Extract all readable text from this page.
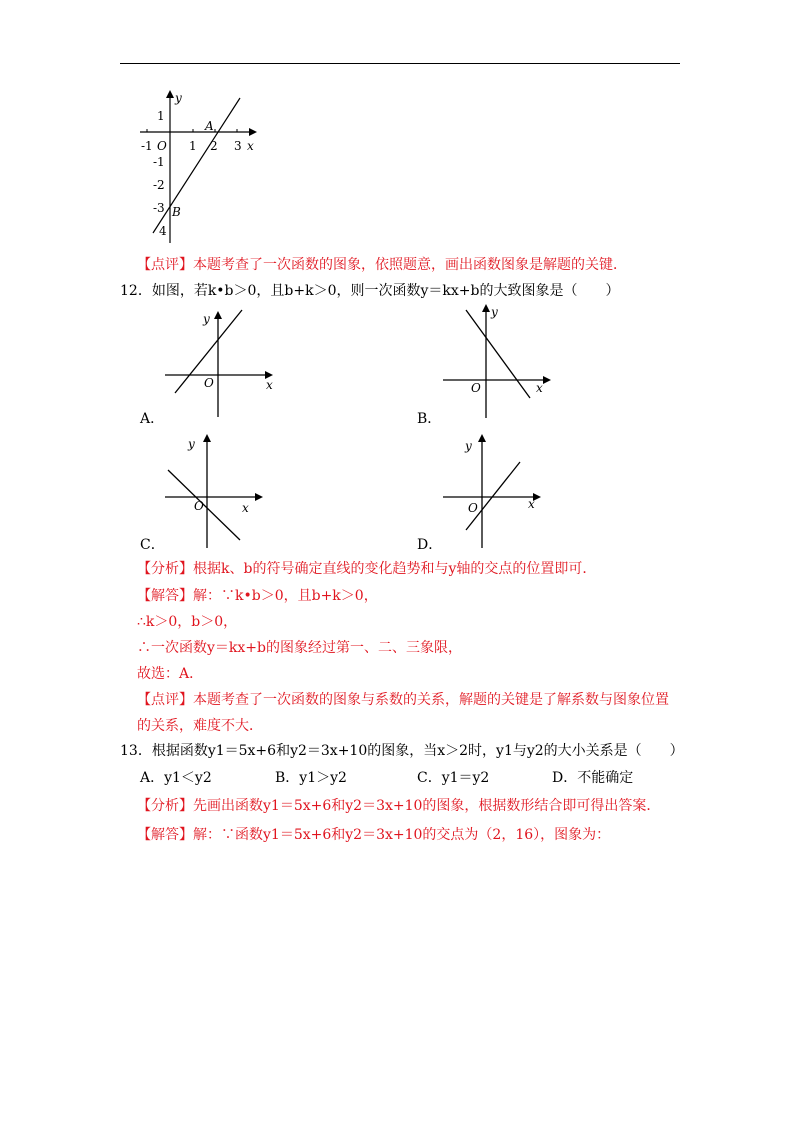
y
x
1
-1 O 1 2 3
A
-1
-2
-3 B
4
【点评】本题考查了一次函数的图象，依照题意，画出函数图象是解题的关键．
12．如图，若k•b＞0，且b+k＞0，则一次函数y＝kx+b的大致图象是（　　）
y
O	x
A．
y
O	x
B．
y
O	x
C．
y
O	x
D．
【分析】根据k、b的符号确定直线的变化趋势和与y轴的交点的位置即可．
【解答】解：∵k•b＞0，且b+k＞0，
∴k＞0，b＞0，
∴一次函数y＝kx+b的图象经过第一、二、三象限，
故选：A．
【点评】本题考查了一次函数的图象与系数的关系，解题的关键是了解系数与图象位置
的关系，难度不大．
13．根据函数y1＝5x+6和y2＝3x+10的图象，当x＞2时，y1与y2的大小关系是（　　）
A．y1＜y2	B．y1＞y2	C．y1＝y2	D．不能确定
【分析】先画出函数y1＝5x+6和y2＝3x+10的图象，根据数形结合即可得出答案．
【解答】解：∵函数y1＝5x+6和y2＝3x+10的交点为（2，16），图象为：
